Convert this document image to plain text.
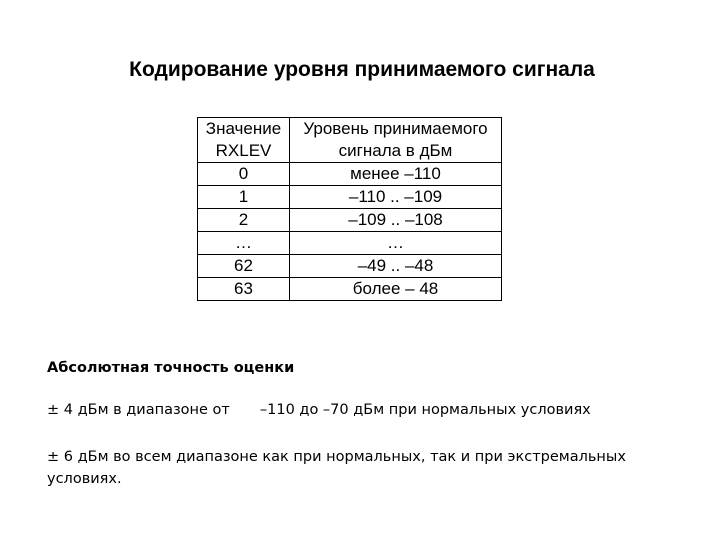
Кодирование уровня принимаемого сигнала
Значение	Уровень принимаемого
RXLEV	сигнала в дБм
0	менее –110
1	–110 .. –109
2	–109 .. –108
…	…
62	–49 .. –48
63	более – 48
Абсолютная точность оценки
± 4 дБм в диапазоне от –110 до –70 дБм при нормальных условиях
± 6 дБм во всем диапазоне как при нормальных, так и при экстремальных условиях.
